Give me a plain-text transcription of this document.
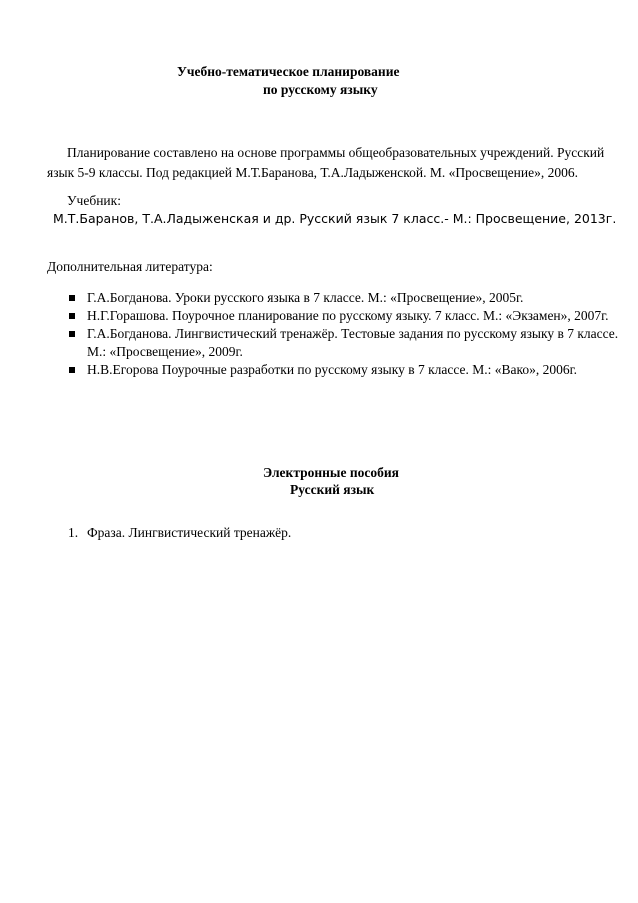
Учебно-тематическое планирование
по русскому языку
Планирование составлено на основе программы общеобразовательных учреждений. Русский
язык 5-9 классы. Под редакцией М.Т.Баранова, Т.А.Ладыженской. М. «Просвещение», 2006.
Учебник:
М.Т.Баранов, Т.А.Ладыженская и др. Русский язык 7 класс.- М.: Просвещение, 2013г.
Дополнительная литература:
Г.А.Богданова. Уроки русского языка в 7 классе. М.: «Просвещение», 2005г.
Н.Г.Горашова. Поурочное планирование по русскому языку. 7 класс. М.: «Экзамен», 2007г.
Г.А.Богданова. Лингвистический тренажёр. Тестовые задания по русскому языку в 7 классе.
М.: «Просвещение», 2009г.
Н.В.Егорова Поурочные разработки по русскому языку в 7 классе. М.: «Вако», 2006г.
Электронные пособия
Русский язык
1. Фраза. Лингвистический тренажёр.
